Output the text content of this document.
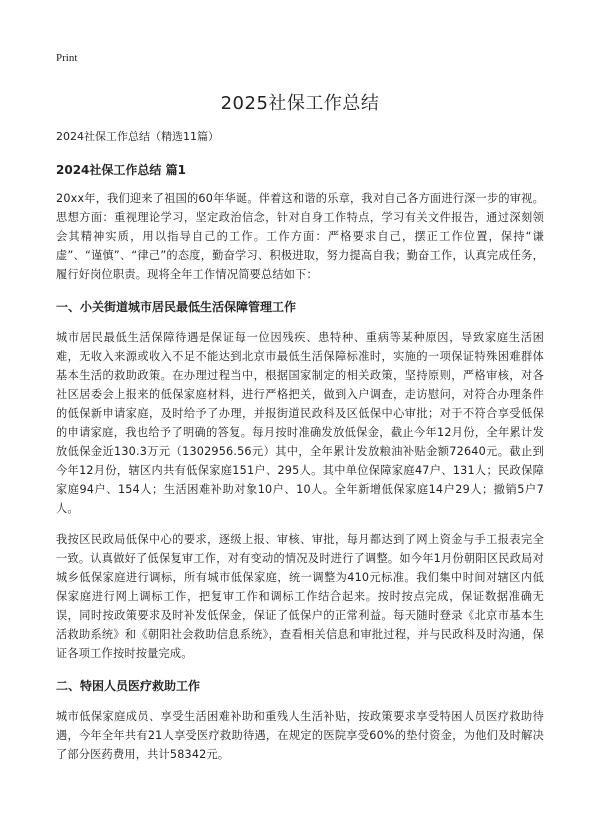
Print
2025社保工作总结
2024社保工作总结（精选11篇）
2024社保工作总结 篇1

20xx年，我们迎来了祖国的60年华诞。伴着这和谐的乐章，我对自己各方面进行深一步的审视。思想方面：重视理论学习，坚定政治信念，针对自身工作特点，学习有关文件报告，通过深刻领会其精神实质，用以指导自己的工作。工作方面：严格要求自己，摆正工作位置，保持“谦虚”、“谨慎”、“律己”的态度，勤奋学习、积极进取，努力提高自我；勤奋工作，认真完成任务，履行好岗位职责。现将全年工作情况简要总结如下：

一、小关街道城市居民最低生活保障管理工作

城市居民最低生活保障待遇是保证每一位因残疾、患特种、重病等某种原因，导致家庭生活困难，无收入来源或收入不足不能达到北京市最低生活保障标准时，实施的一项保证特殊困难群体基本生活的救助政策。在办理过程当中，根据国家制定的相关政策，坚持原则，严格审核，对各社区居委会上报来的低保家庭材料，进行严格把关，做到入户调查，走访慰问，对符合办理条件的低保新申请家庭，及时给予了办理，并报街道民政科及区低保中心审批；对于不符合享受低保的申请家庭，我也给予了明确的答复。每月按时准确发放低保金，截止今年12月份，全年累计发放低保金近130.3万元（1302956.56元）其中，全年累计发放粮油补贴金额72640元。截止到今年12月份，辖区内共有低保家庭151户、295人。其中单位保障家庭47户、131人；民政保障家庭94户、154人；生活困难补助对象10户、10人。全年新增低保家庭14户29人；撤销5户7人。

我按区民政局低保中心的要求，逐级上报、审核、审批，每月都达到了网上资金与手工报表完全一致。认真做好了低保复审工作，对有变动的情况及时进行了调整。如今年1月份朝阳区民政局对城乡低保家庭进行调标，所有城市低保家庭，统一调整为410元标准。我们集中时间对辖区内低保家庭进行网上调标工作，把复审工作和调标工作结合起来。按时按点完成，保证数据准确无误，同时按政策要求及时补发低保金，保证了低保户的正常利益。每天随时登录《北京市基本生活救助系统》和《朝阳社会救助信息系统》，查看相关信息和审批过程，并与民政科及时沟通，保证各项工作按时按量完成。

二、特困人员医疗救助工作

城市低保家庭成员、享受生活困难补助和重残人生活补贴，按政策要求享受特困人员医疗救助待遇，今年全年共有21人享受医疗救助待遇，在规定的医院享受60%的垫付资金，为他们及时解决了部分医药费用，共计58342元。
